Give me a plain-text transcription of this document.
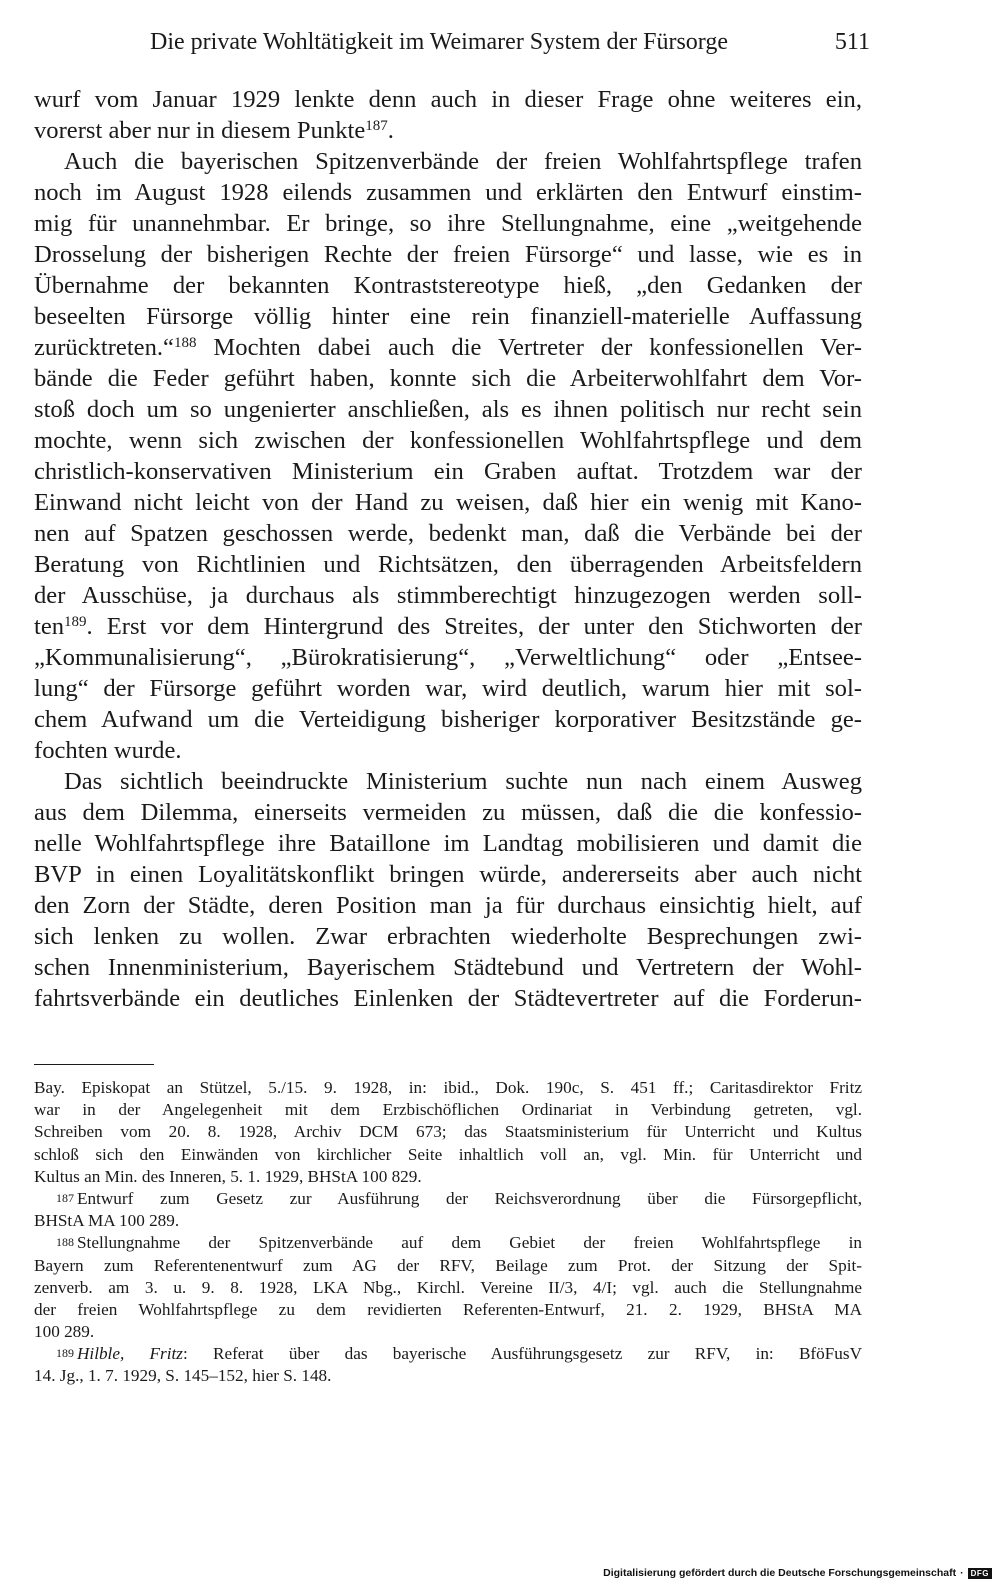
Die private Wohltätigkeit im Weimarer System der Fürsorge	511
wurf vom Januar 1929 lenkte denn auch in dieser Frage ohne weiteres ein,
vorerst aber nur in diesem Punkte$^{187}$.
Auch die bayerischen Spitzenverbände der freien Wohlfahrtspflege trafen
noch im August 1928 eilends zusammen und erklärten den Entwurf einstim-
mig für unannehmbar. Er bringe, so ihre Stellungnahme, eine „weitgehende
Drosselung der bisherigen Rechte der freien Fürsorge“ und lasse, wie es in
Übernahme der bekannten Kontraststereotype hieß, „den Gedanken der
beseelten Fürsorge völlig hinter eine rein finanziell-materielle Auffassung
zurücktreten.“$^{188}$ Mochten dabei auch die Vertreter der konfessionellen Ver-
bände die Feder geführt haben, konnte sich die Arbeiterwohlfahrt dem Vor-
stoß doch um so ungenierter anschließen, als es ihnen politisch nur recht sein
mochte, wenn sich zwischen der konfessionellen Wohlfahrtspflege und dem
christlich-konservativen Ministerium ein Graben auftat. Trotzdem war der
Einwand nicht leicht von der Hand zu weisen, daß hier ein wenig mit Kano-
nen auf Spatzen geschossen werde, bedenkt man, daß die Verbände bei der
Beratung von Richtlinien und Richtsätzen, den überragenden Arbeitsfeldern
der Ausschüse, ja durchaus als stimmberechtigt hinzugezogen werden soll-
ten$^{189}$. Erst vor dem Hintergrund des Streites, der unter den Stichworten der
„Kommunalisierung“, „Bürokratisierung“, „Verweltlichung“ oder „Entsee-
lung“ der Fürsorge geführt worden war, wird deutlich, warum hier mit sol-
chem Aufwand um die Verteidigung bisheriger korporativer Besitzstände ge-
fochten wurde.
Das sichtlich beeindruckte Ministerium suchte nun nach einem Ausweg
aus dem Dilemma, einerseits vermeiden zu müssen, daß die die konfessio-
nelle Wohlfahrtspflege ihre Bataillone im Landtag mobilisieren und damit die
BVP in einen Loyalitätskonflikt bringen würde, andererseits aber auch nicht
den Zorn der Städte, deren Position man ja für durchaus einsichtig hielt, auf
sich lenken zu wollen. Zwar erbrachten wiederholte Besprechungen zwi-
schen Innenministerium, Bayerischem Städtebund und Vertretern der Wohl-
fahrtsverbände ein deutliches Einlenken der Städtevertreter auf die Forderun-
Bay. Episkopat an Stützel, 5./15. 9. 1928, in: ibid., Dok. 190c, S. 451 ff.; Caritasdirektor Fritz
war in der Angelegenheit mit dem Erzbischöflichen Ordinariat in Verbindung getreten, vgl.
Schreiben vom 20. 8. 1928, Archiv DCM 673; das Staatsministerium für Unterricht und Kultus
schloß sich den Einwänden von kirchlicher Seite inhaltlich voll an, vgl. Min. für Unterricht und
Kultus an Min. des Inneren, 5. 1. 1929, BHStA 100 829.
187 Entwurf zum Gesetz zur Ausführung der Reichsverordnung über die Fürsorgepflicht,
BHStA MA 100 289.
188 Stellungnahme der Spitzenverbände auf dem Gebiet der freien Wohlfahrtspflege in
Bayern zum Referentenentwurf zum AG der RFV, Beilage zum Prot. der Sitzung der Spit-
zenverb. am 3. u. 9. 8. 1928, LKA Nbg., Kirchl. Vereine II/3, 4/I; vgl. auch die Stellungnahme
der freien Wohlfahrtspflege zu dem revidierten Referenten-Entwurf, 21. 2. 1929, BHStA MA
100 289.
189 Hilble, Fritz: Referat über das bayerische Ausführungsgesetz zur RFV, in: BföFusV
14. Jg., 1. 7. 1929, S. 145–152, hier S. 148.
Digitalisierung gefördert durch die Deutsche Forschungsgemeinschaft · DFG
